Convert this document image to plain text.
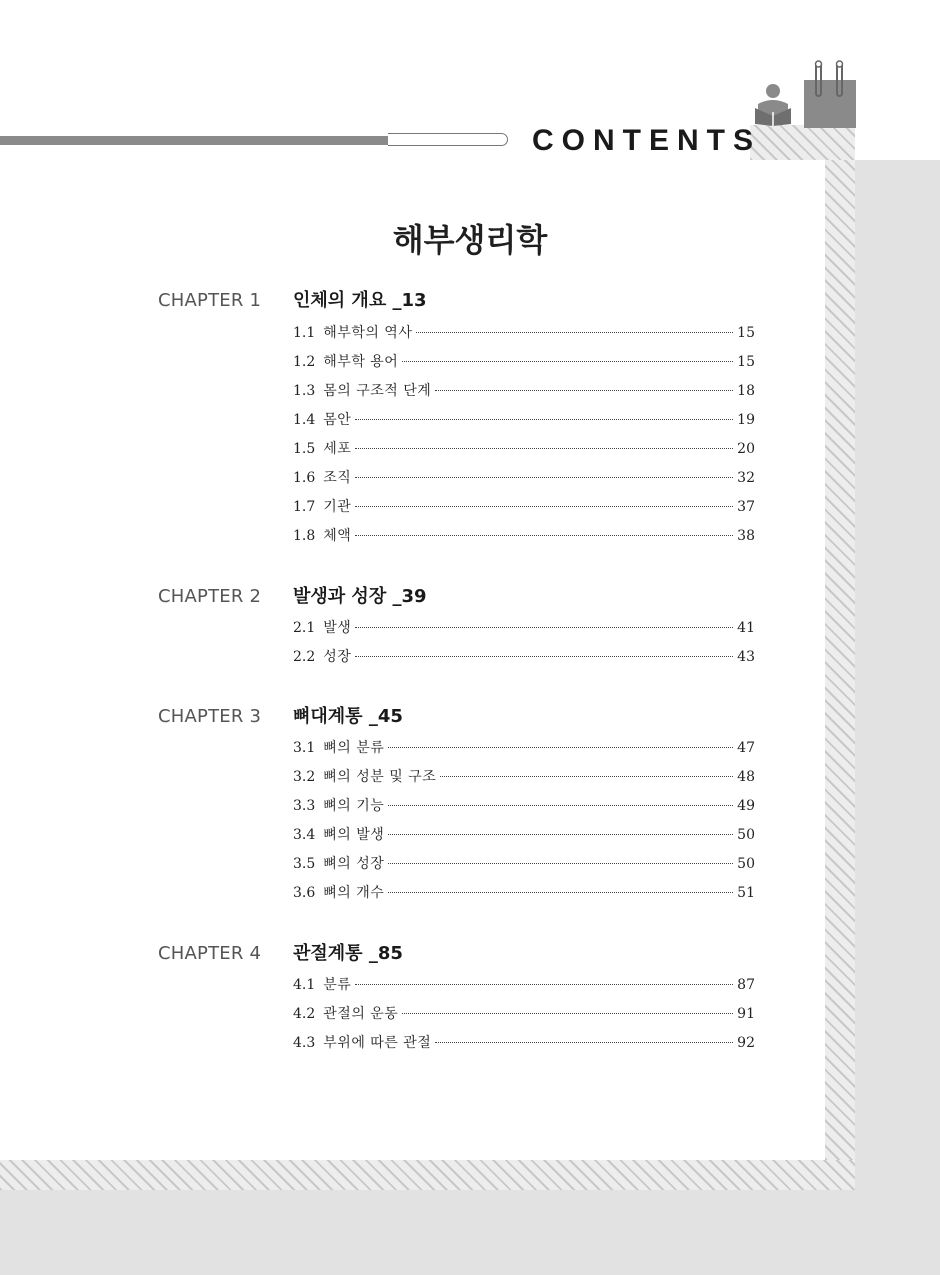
CONTENTS
해부생리학
CHAPTER 1 인체의 개요 _13
1.1 해부학의 역사	15
1.2 해부학 용어	15
1.3 몸의 구조적 단계	18
1.4 몸안	19
1.5 세포	20
1.6 조직	32
1.7 기관	37
1.8 체액	38
CHAPTER 2 발생과 성장 _39
2.1 발생	41
2.2 성장	43
CHAPTER 3 뼈대계통 _45
3.1 뼈의 분류	47
3.2 뼈의 성분 및 구조	48
3.3 뼈의 기능	49
3.4 뼈의 발생	50
3.5 뼈의 성장	50
3.6 뼈의 개수	51
CHAPTER 4 관절계통 _85
4.1 분류	87
4.2 관절의 운동	91
4.3 부위에 따른 관절	92
